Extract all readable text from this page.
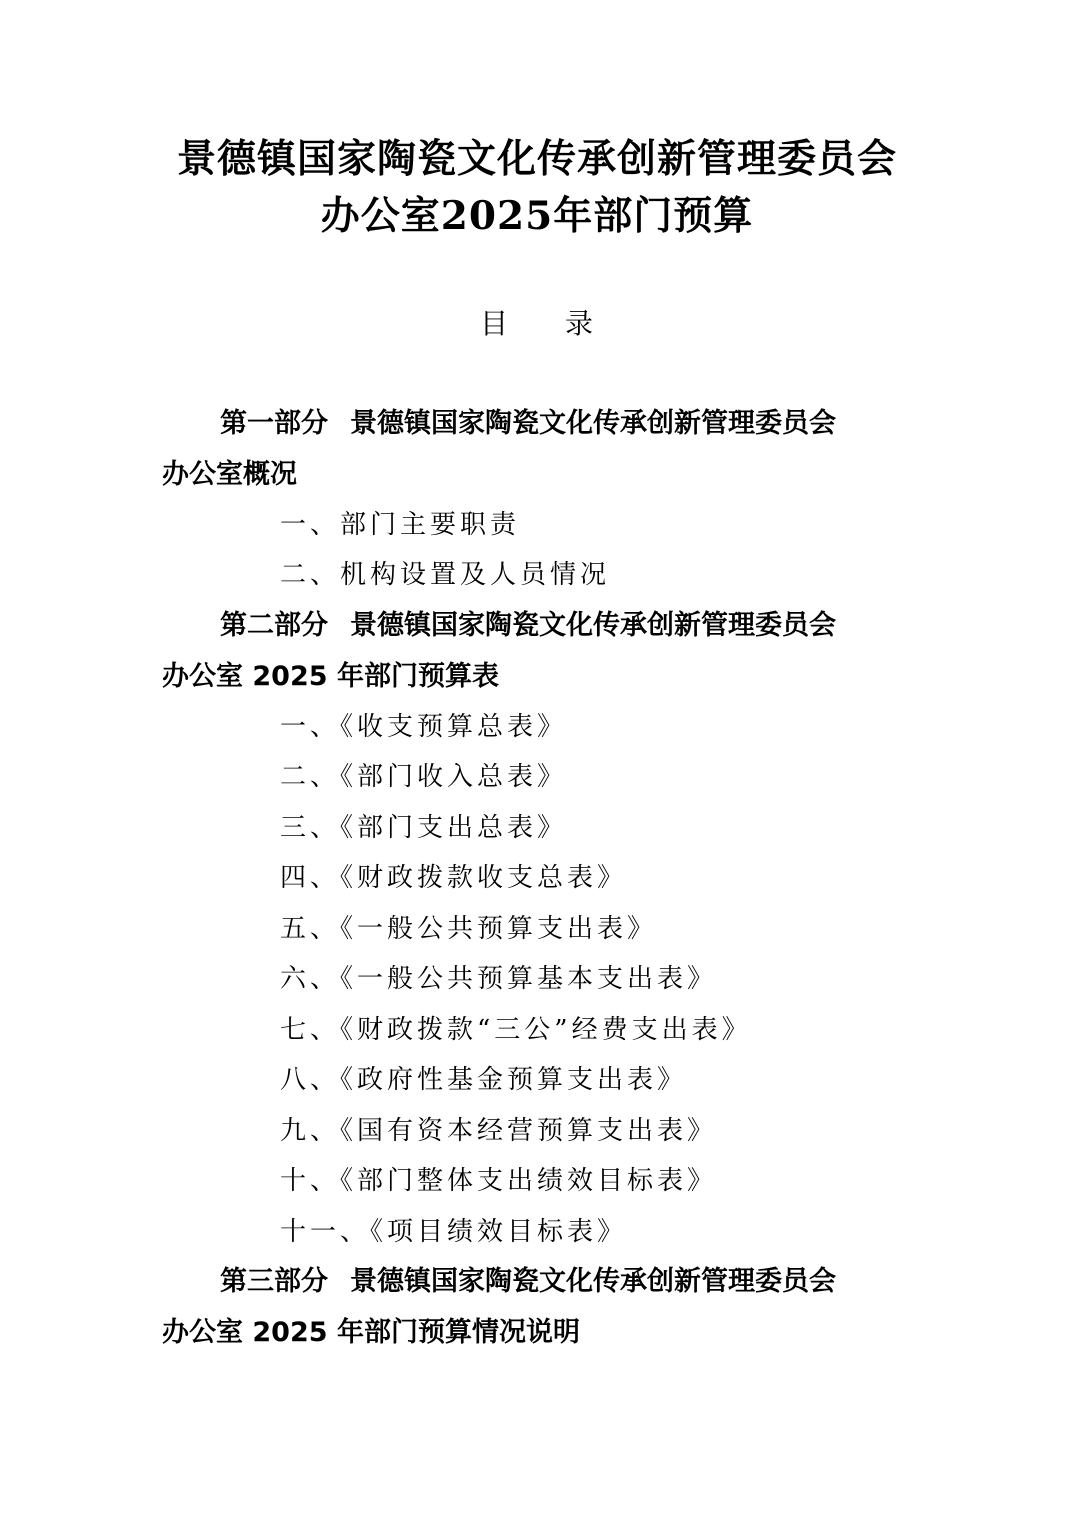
景德镇国家陶瓷文化传承创新管理委员会
办公室2025年部门预算
目 录
第一部分 景德镇国家陶瓷文化传承创新管理委员会
办公室概况
一、部门主要职责
二、机构设置及人员情况
第二部分 景德镇国家陶瓷文化传承创新管理委员会
办公室 2025 年部门预算表
一、《收支预算总表》
二、《部门收入总表》
三、《部门支出总表》
四、《财政拨款收支总表》
五、《一般公共预算支出表》
六、《一般公共预算基本支出表》
七、《财政拨款“三公”经费支出表》
八、《政府性基金预算支出表》
九、《国有资本经营预算支出表》
十、《部门整体支出绩效目标表》
十一、《项目绩效目标表》
第三部分 景德镇国家陶瓷文化传承创新管理委员会
办公室 2025 年部门预算情况说明
